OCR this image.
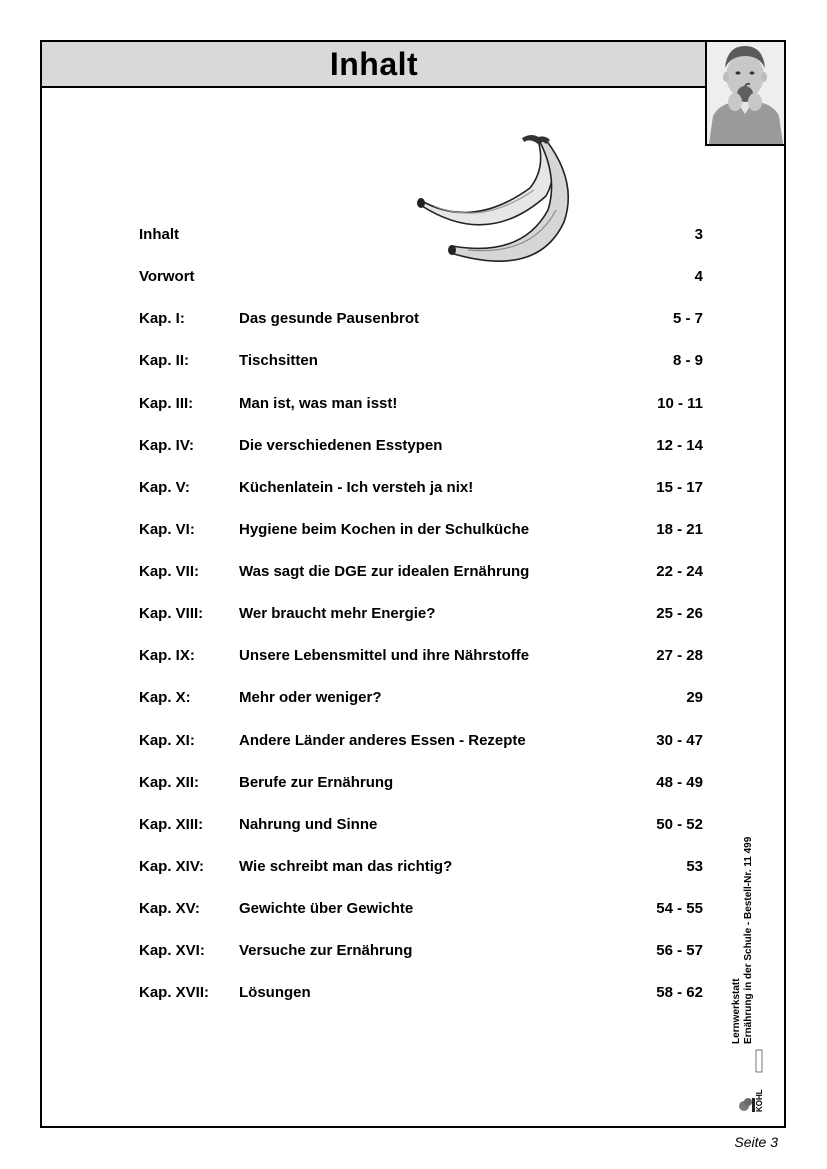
Inhalt
Inhalt	3
Vorwort	4
Kap. I:	Das gesunde Pausenbrot	5 - 7
Kap. II:	Tischsitten	8 - 9
Kap. III:	Man ist, was man isst!	10 - 11
Kap. IV:	Die verschiedenen Esstypen	12 - 14
Kap. V:	Küchenlatein - Ich versteh ja nix!	15 - 17
Kap. VI:	Hygiene beim Kochen in der Schulküche	18 - 21
Kap. VII:	Was sagt die DGE zur idealen Ernährung	22 - 24
Kap. VIII: Wer braucht mehr Energie?	25 - 26
Kap. IX:	Unsere Lebensmittel und ihre Nährstoffe	27 - 28
Kap. X:	Mehr oder weniger?	29
Kap. XI:	Andere Länder anderes Essen - Rezepte	30 - 47
Kap. XII:	Berufe zur Ernährung	48 - 49
Kap. XIII: Nahrung und Sinne	50 - 52
Kap. XIV: Wie schreibt man das richtig?	53
Kap. XV:	Gewichte über Gewichte	54 - 55
Kap. XVI: Versuche zur Ernährung	56 - 57
Kap. XVII: Lösungen	58 - 62	Lernwerkstatt Ernährung in der Schule - Bestell-Nr. 11 499
KOHL
Seite 3
